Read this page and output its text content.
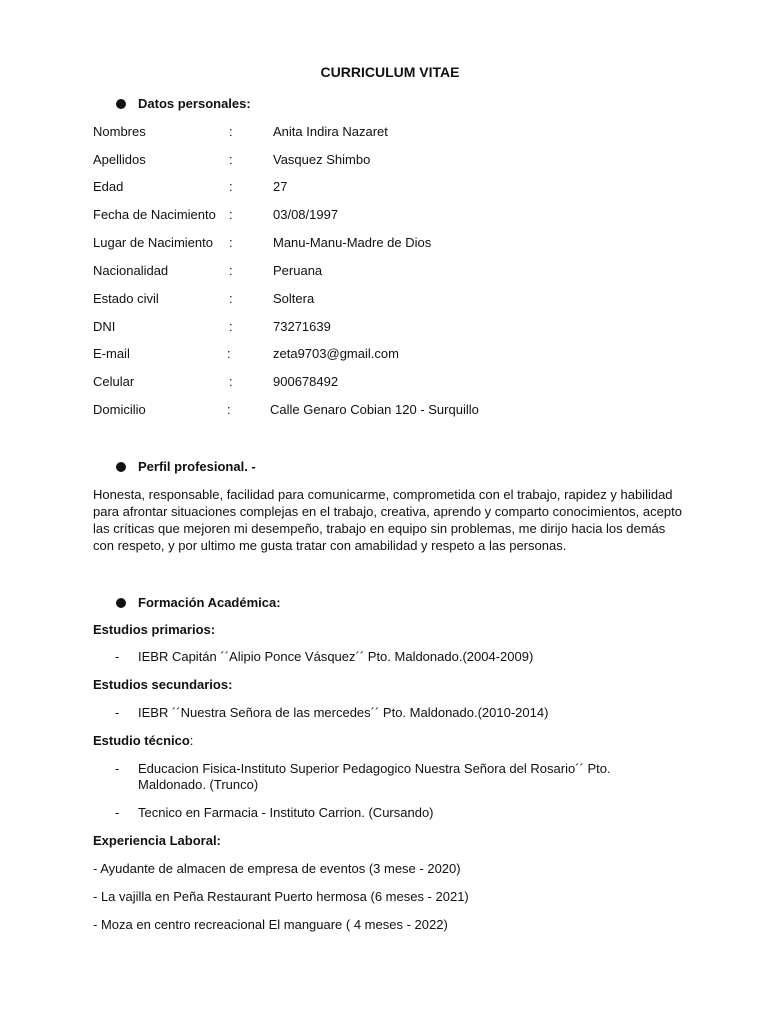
CURRICULUM VITAE
Datos personales:
Nombres	:	Anita Indira Nazaret
Apellidos	:	Vasquez Shimbo
Edad	:	27
Fecha de Nacimiento :	03/08/1997
Lugar de Nacimiento :	Manu-Manu-Madre de Dios
Nacionalidad	:	Peruana
Estado civil	:	Soltera
DNI	:	73271639
E-mail	:	zeta9703@gmail.com
Celular	:	900678492
Domicilio	:	Calle Genaro Cobian 120 - Surquillo
Perfil profesional. -
Honesta, responsable, facilidad para comunicarme, comprometida con el trabajo, rapidez y habilidad para afrontar situaciones complejas en el trabajo, creativa, aprendo y comparto conocimientos, acepto las críticas que mejoren mi desempeño, trabajo en equipo sin problemas, me dirijo hacia los demás con respeto, y por ultimo me gusta tratar con amabilidad y respeto a las personas.
Formación Académica:
Estudios primarios:
- IEBR Capitán ´´Alipio Ponce Vásquez´´ Pto. Maldonado.(2004-2009)
Estudios secundarios:
- IEBR ´´Nuestra Señora de las mercedes´´ Pto. Maldonado.(2010-2014)
Estudio técnico:
- Educacion Fisica-Instituto Superior Pedagogico Nuestra Señora del Rosario´´ Pto. Maldonado. (Trunco)
- Tecnico en Farmacia - Instituto Carrion. (Cursando)
Experiencia Laboral:
- Ayudante de almacen de empresa de eventos (3 mese - 2020)
- La vajilla en Peña Restaurant Puerto hermosa (6 meses - 2021)
- Moza en centro recreacional El manguare ( 4 meses - 2022)
